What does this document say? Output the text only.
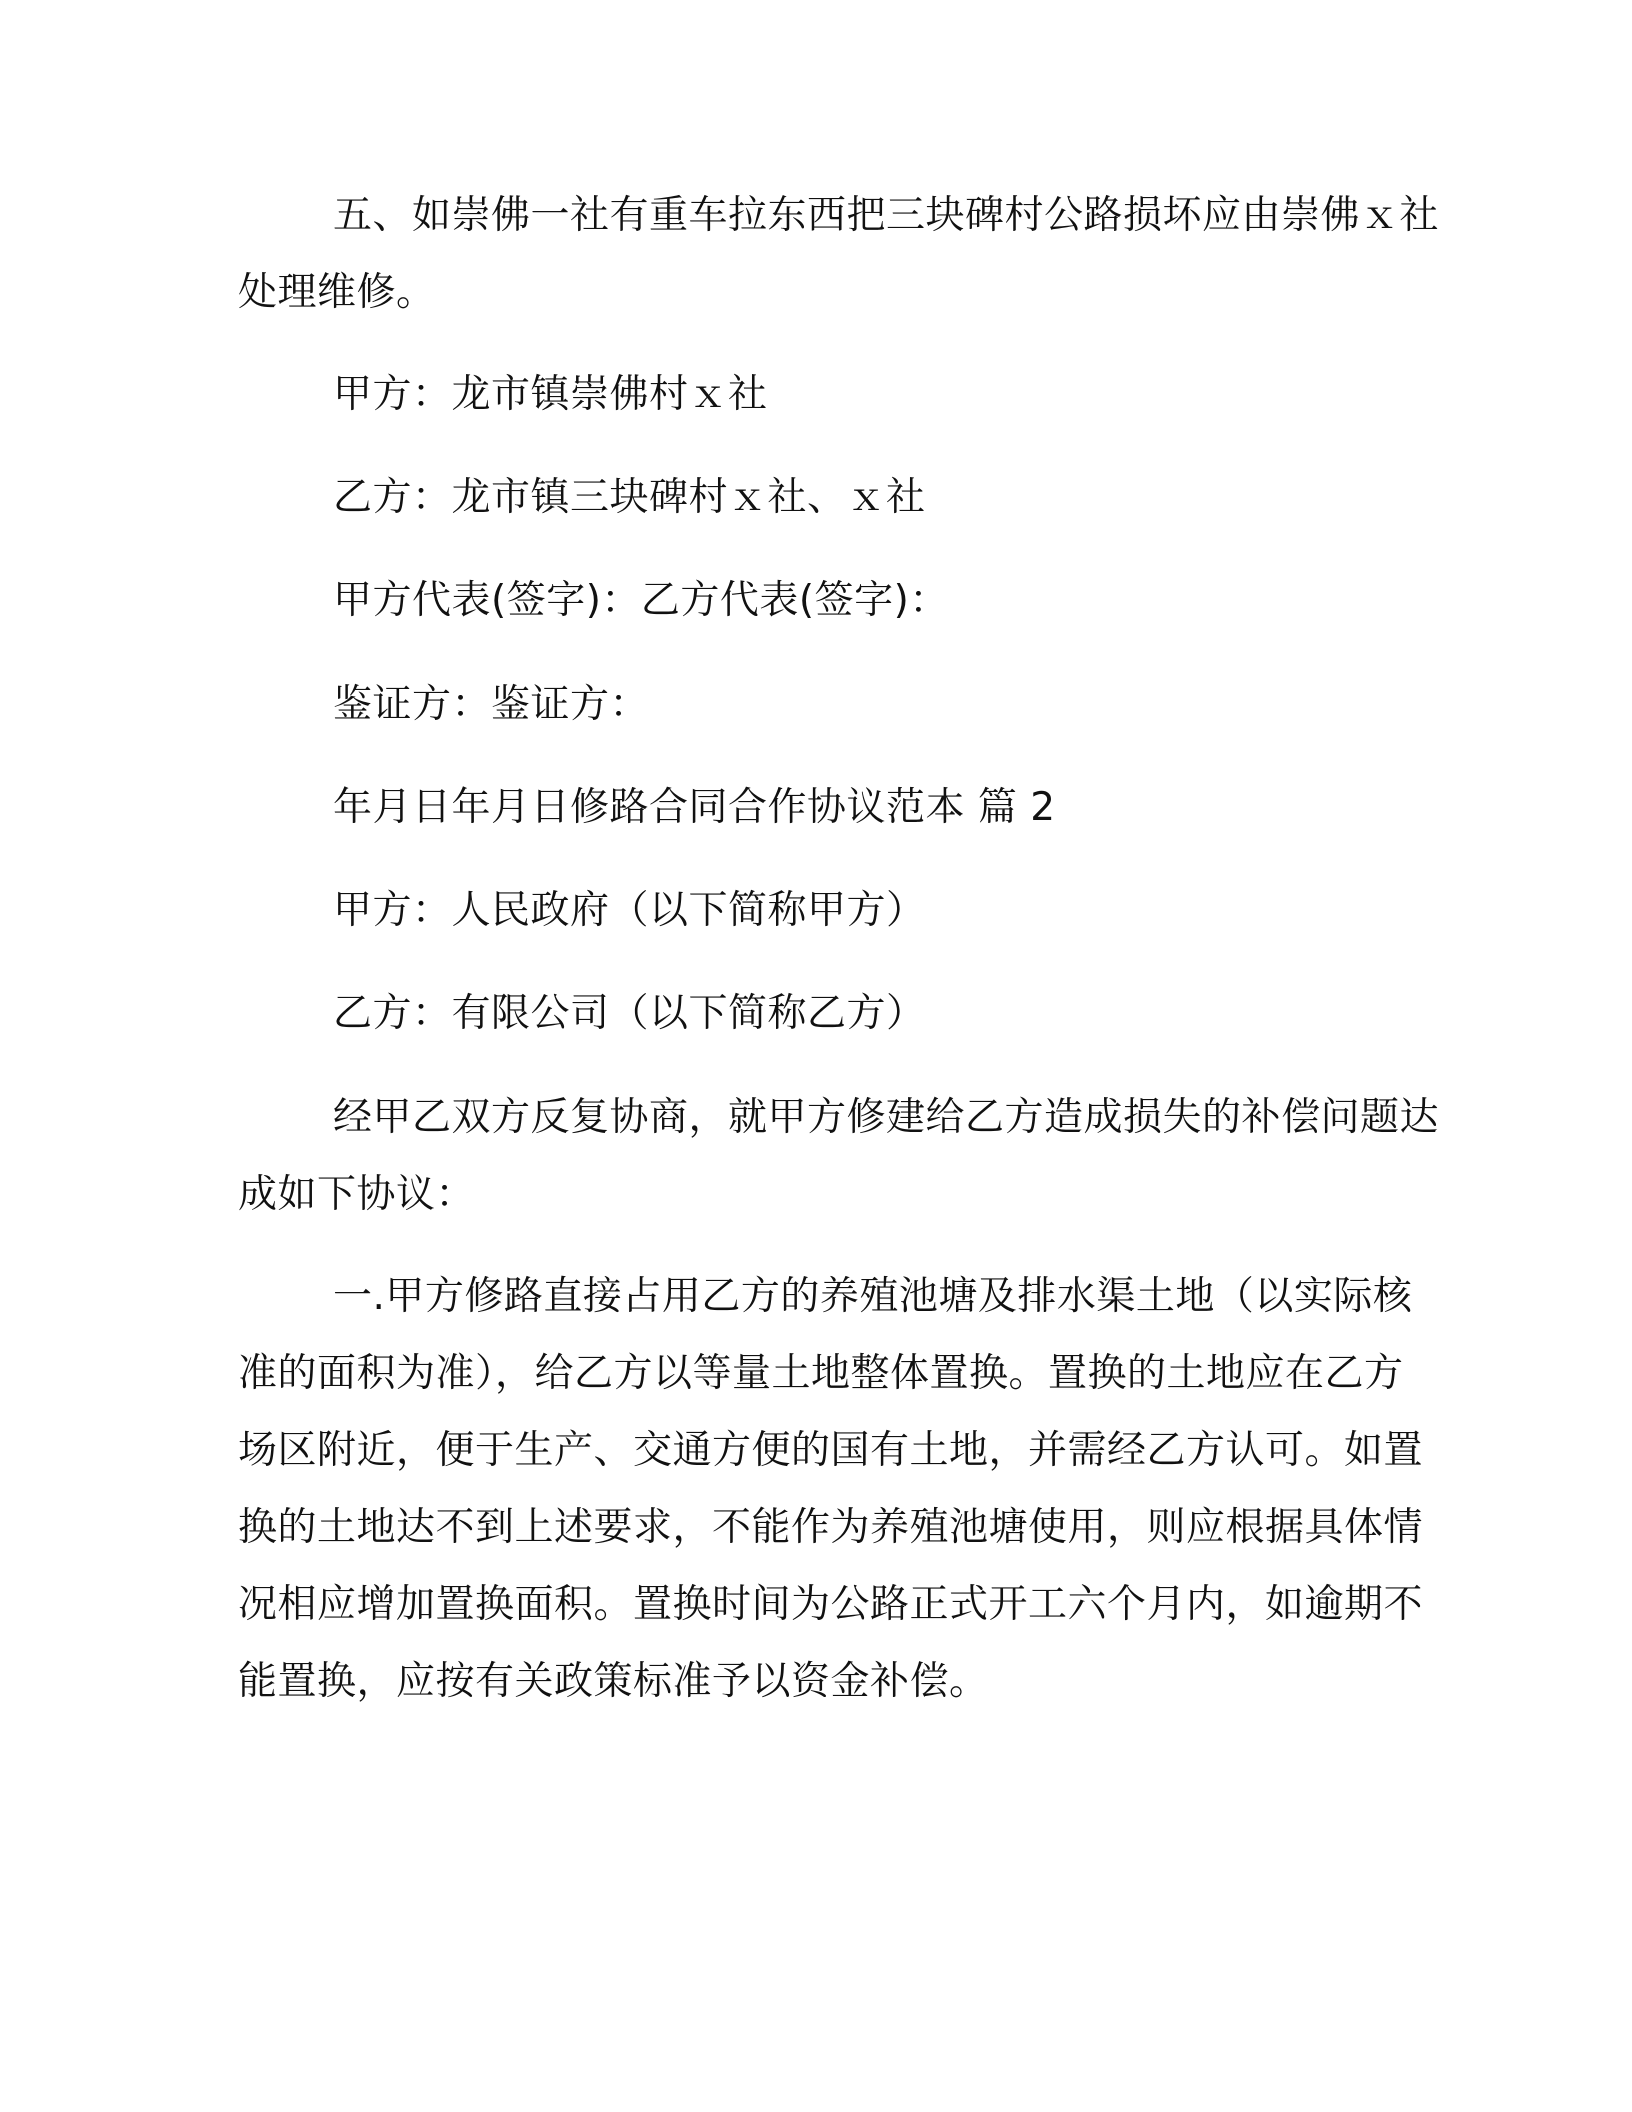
五、如崇佛一社有重车拉东西把三块碑村公路损坏应由崇佛ｘ社
处理维修。
甲方：龙市镇崇佛村ｘ社
乙方：龙市镇三块碑村ｘ社、ｘ社
甲方代表(签字)：乙方代表(签字)：
鉴证方：鉴证方：
年月日年月日修路合同合作协议范本 篇 2
甲方：人民政府（以下简称甲方）
乙方：有限公司（以下简称乙方）
经甲乙双方反复协商，就甲方修建给乙方造成损失的补偿问题达
成如下协议：
一.甲方修路直接占用乙方的养殖池塘及排水渠土地（以实际核
准的面积为准），给乙方以等量土地整体置换。置换的土地应在乙方
场区附近，便于生产、交通方便的国有土地，并需经乙方认可。如置
换的土地达不到上述要求，不能作为养殖池塘使用，则应根据具体情
况相应增加置换面积。置换时间为公路正式开工六个月内，如逾期不
能置换，应按有关政策标准予以资金补偿。
